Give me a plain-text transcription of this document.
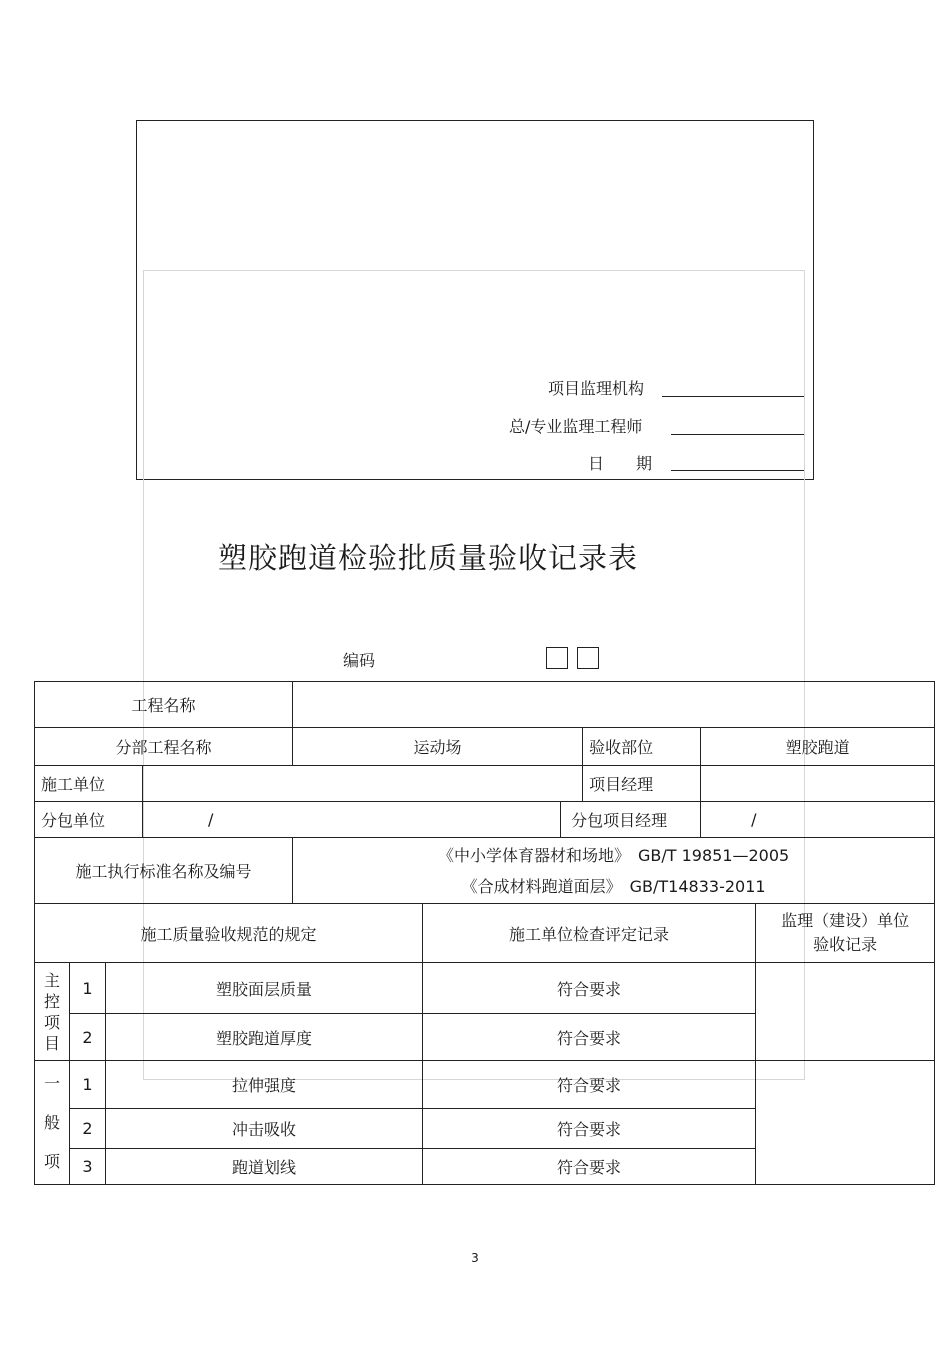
项目监理机构
总/专业监理工程师
日　　期
塑胶跑道检验批质量验收记录表
编码
工程名称									
分部工程名称				运动场			验收部位	塑胶跑道	
施工单位							项目经理		
分包单位			/			分包项目经理		/	
施工执行标准名称及编号				《中小学体育器材和场地》　GB/T 19851—2005
《合成材料跑道面层》　GB/T14833-2011					

施工质量验收规范的规定					施工单位检查评定记录				监理（建设）单位
验收记录

主
控
项
目	1	塑胶面层质量			符合要求				
	2	塑胶跑道厚度			符合要求				

一
般
项	1	拉伸强度			符合要求				
	2	冲击吸收			符合要求				
	3	跑道划线			符合要求				
3
